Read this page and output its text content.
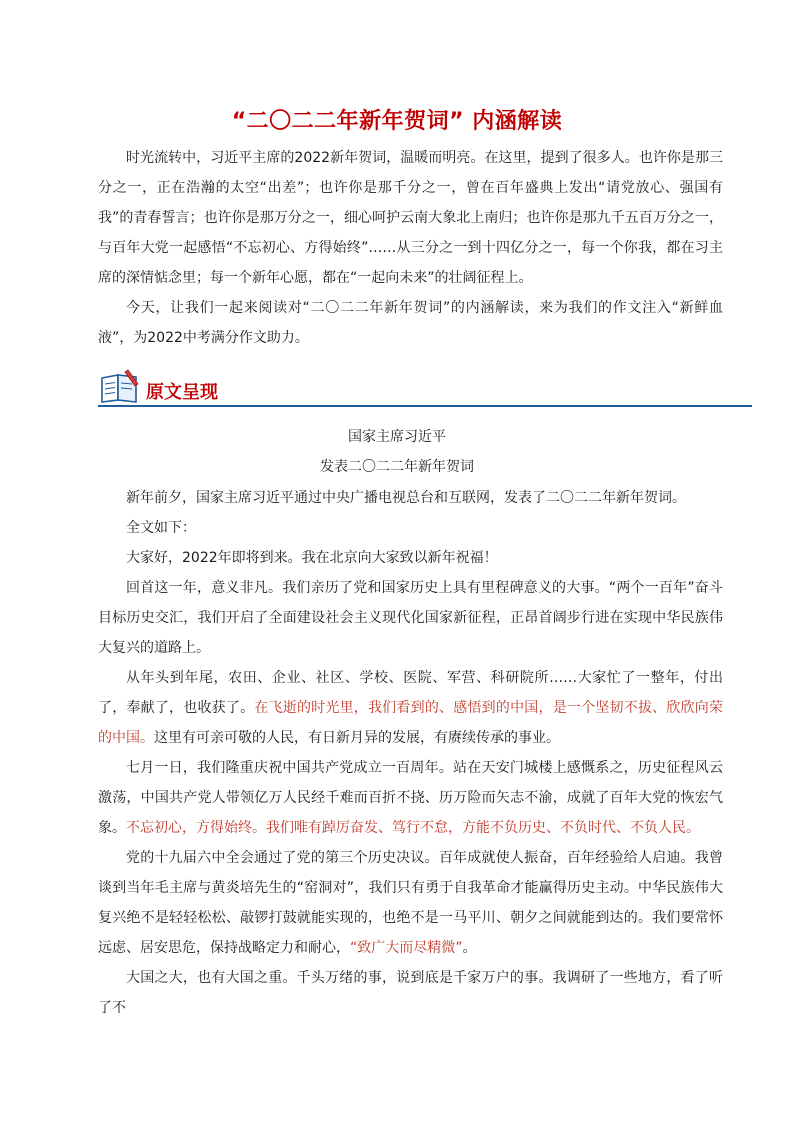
“二〇二二年新年贺词” 内涵解读

时光流转中，习近平主席的2022新年贺词，温暖而明亮。在这里，提到了很多人。也许你是那三分之一，正在浩瀚的太空“出差”；也许你是那千分之一，曾在百年盛典上发出“请党放心、强国有我”的青春誓言；也许你是那万分之一，细心呵护云南大象北上南归；也许你是那九千五百万分之一，与百年大党一起感悟“不忘初心、方得始终”……从三分之一到十四亿分之一，每一个你我，都在习主席的深情惦念里；每一个新年心愿，都在“一起向未来”的壮阔征程上。

今天，让我们一起来阅读对“二〇二二年新年贺词”的内涵解读，来为我们的作文注入“新鲜血液”，为2022中考满分作文助力。

原文呈现

国家主席习近平

发表二〇二二年新年贺词

新年前夕，国家主席习近平通过中央广播电视总台和互联网，发表了二〇二二年新年贺词。

全文如下：

大家好，2022年即将到来。我在北京向大家致以新年祝福！

回首这一年，意义非凡。我们亲历了党和国家历史上具有里程碑意义的大事。“两个一百年”奋斗目标历史交汇，我们开启了全面建设社会主义现代化国家新征程，正昂首阔步行进在实现中华民族伟大复兴的道路上。

从年头到年尾，农田、企业、社区、学校、医院、军营、科研院所……大家忙了一整年，付出了，奉献了，也收获了。在飞逝的时光里，我们看到的、感悟到的中国，是一个坚韧不拔、欣欣向荣的中国。这里有可亲可敬的人民，有日新月异的发展，有赓续传承的事业。

七月一日，我们隆重庆祝中国共产党成立一百周年。站在天安门城楼上感慨系之，历史征程风云激荡，中国共产党人带领亿万人民经千难而百折不挠、历万险而矢志不渝，成就了百年大党的恢宏气象。不忘初心，方得始终。我们唯有踔厉奋发、笃行不怠，方能不负历史、不负时代、不负人民。

党的十九届六中全会通过了党的第三个历史决议。百年成就使人振奋，百年经验给人启迪。我曾谈到当年毛主席与黄炎培先生的“窑洞对”，我们只有勇于自我革命才能赢得历史主动。中华民族伟大复兴绝不是轻轻松松、敲锣打鼓就能实现的，也绝不是一马平川、朝夕之间就能到达的。我们要常怀远虑、居安思危，保持战略定力和耐心，“致广大而尽精微”。

大国之大，也有大国之重。千头万绪的事，说到底是千家万户的事。我调研了一些地方，看了听了不
